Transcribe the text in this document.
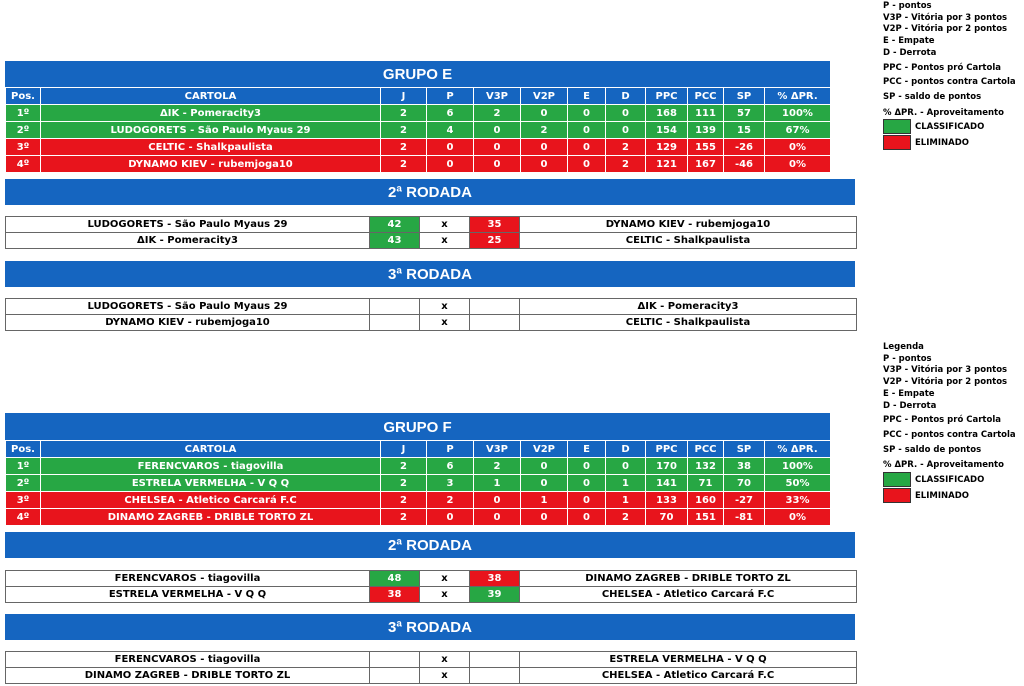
P - pontos
V3P - Vitória por 3 pontos
V2P - Vitória por 2 pontos
E - Empate
D - Derrota
PPC - Pontos pró Cartola
PCC - pontos contra Cartola
SP - saldo de pontos
% ΔPR. - Aproveitamento
CLASSIFICADO
ELIMINADO
GRUPO E
Pos.	CARTOLA	J	P	V3P	V2P	E	D	PPC	PCC	SP	% ΔPR.
1º	ΔIK - Pomeracity3	2	6	2	0	0	0	168	111	57	100%
2º	LUDOGORETS - São Paulo Myaus 29	2	4	0	2	0	0	154	139	15	67%
3º	CELTIC - Shalkpaulista	2	0	0	0	0	2	129	155	-26	0%
4º	DYNAMO KIEV - rubemjoga10	2	0	0	0	0	2	121	167	-46	0%
2ª RODADA
LUDOGORETS - São Paulo Myaus 29	42	x	35	DYNAMO KIEV - rubemjoga10
ΔIK - Pomeracity3	43	x	25	CELTIC - Shalkpaulista
3ª RODADA
LUDOGORETS - São Paulo Myaus 29		x		ΔIK - Pomeracity3
DYNAMO KIEV - rubemjoga10		x		CELTIC - Shalkpaulista
Legenda
P - pontos
V3P - Vitória por 3 pontos
V2P - Vitória por 2 pontos
E - Empate
D - Derrota
PPC - Pontos pró Cartola
PCC - pontos contra Cartola
SP - saldo de pontos
% ΔPR. - Aproveitamento
CLASSIFICADO
ELIMINADO
GRUPO F
Pos.	CARTOLA	J	P	V3P	V2P	E	D	PPC	PCC	SP	% ΔPR.
1º	FERENCVAROS - tiagovilla	2	6	2	0	0	0	170	132	38	100%
2º	ESTRELA VERMELHA - V Q Q	2	3	1	0	0	1	141	71	70	50%
3º	CHELSEA - Atletico Carcará F.C	2	2	0	1	0	1	133	160	-27	33%
4º	DINAMO ZAGREB - DRIBLE TORTO ZL	2	0	0	0	0	2	70	151	-81	0%
2ª RODADA
FERENCVAROS - tiagovilla	48	x	38	DINAMO ZAGREB - DRIBLE TORTO ZL
ESTRELA VERMELHA - V Q Q	38	x	39	CHELSEA - Atletico Carcará F.C
3ª RODADA
FERENCVAROS - tiagovilla		x		ESTRELA VERMELHA - V Q Q
DINAMO ZAGREB - DRIBLE TORTO ZL		x		CHELSEA - Atletico Carcará F.C
